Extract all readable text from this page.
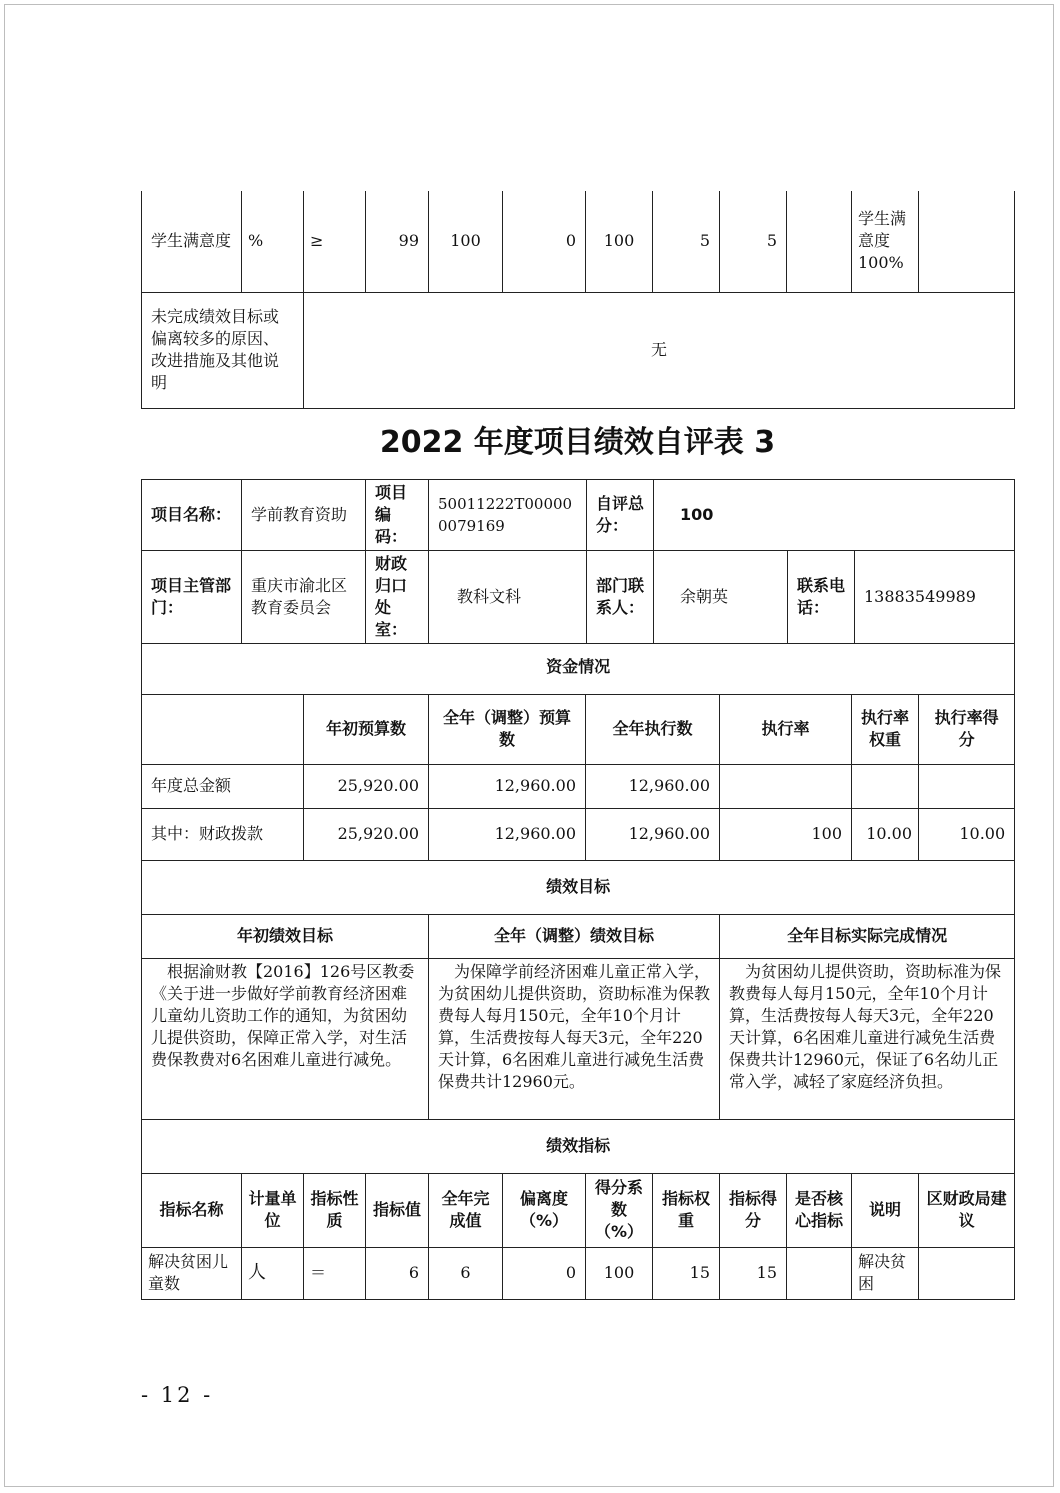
学生满意度	%	≥	99	100	0	100	5	5		学生满意度100%	
未完成绩效目标或偏离较多的原因、改进措施及其他说明		无									
2022 年度项目绩效自评表 3
项目名称：	学前教育资助	项目编码：	50011222T000000079169	自评总分：	100		
项目主管部门：	重庆市渝北区教育委员会	财政归口处室：	教科文科	部门联系人：	余朝英	联系电话：	13883549989
资金情况											
		年初预算数		全年（调整）预算数		全年执行数		执行率		执行率权重	执行率得分
年度总金额		25,920.00		12,960.00		12,960.00					
其中：财政拨款		25,920.00		12,960.00		12,960.00		100		10.00	10.00
绩效目标											
年初绩效目标				全年（调整）绩效目标				全年目标实际完成情况			
根据渝财教【2016】126号区教委《关于进一步做好学前教育经济困难儿童幼儿资助工作的通知，为贫困幼儿提供资助，保障正常入学，对生活费保教费对6名困难儿童进行减免。				为保障学前经济困难儿童正常入学，为贫困幼儿提供资助，资助标准为保教费每人每月150元，全年10个月计算，生活费按每人每天3元，全年220天计算，6名困难儿童进行减免生活费保费共计12960元。				为贫困幼儿提供资助，资助标准为保教费每人每月150元，全年10个月计算，生活费按每人每天3元，全年220天计算，6名困难儿童进行减免生活费保费共计12960元，保证了6名幼儿正常入学，减轻了家庭经济负担。			
绩效指标											
指标名称	计量单位	指标性质	指标值	全年完成值	偏离度（%）	得分系数（%）	指标权重	指标得分	是否核心指标	说明	区财政局建议
解决贫困儿童数	人	＝	6	6	0	100	15	15		解决贫困	
- 12 -
